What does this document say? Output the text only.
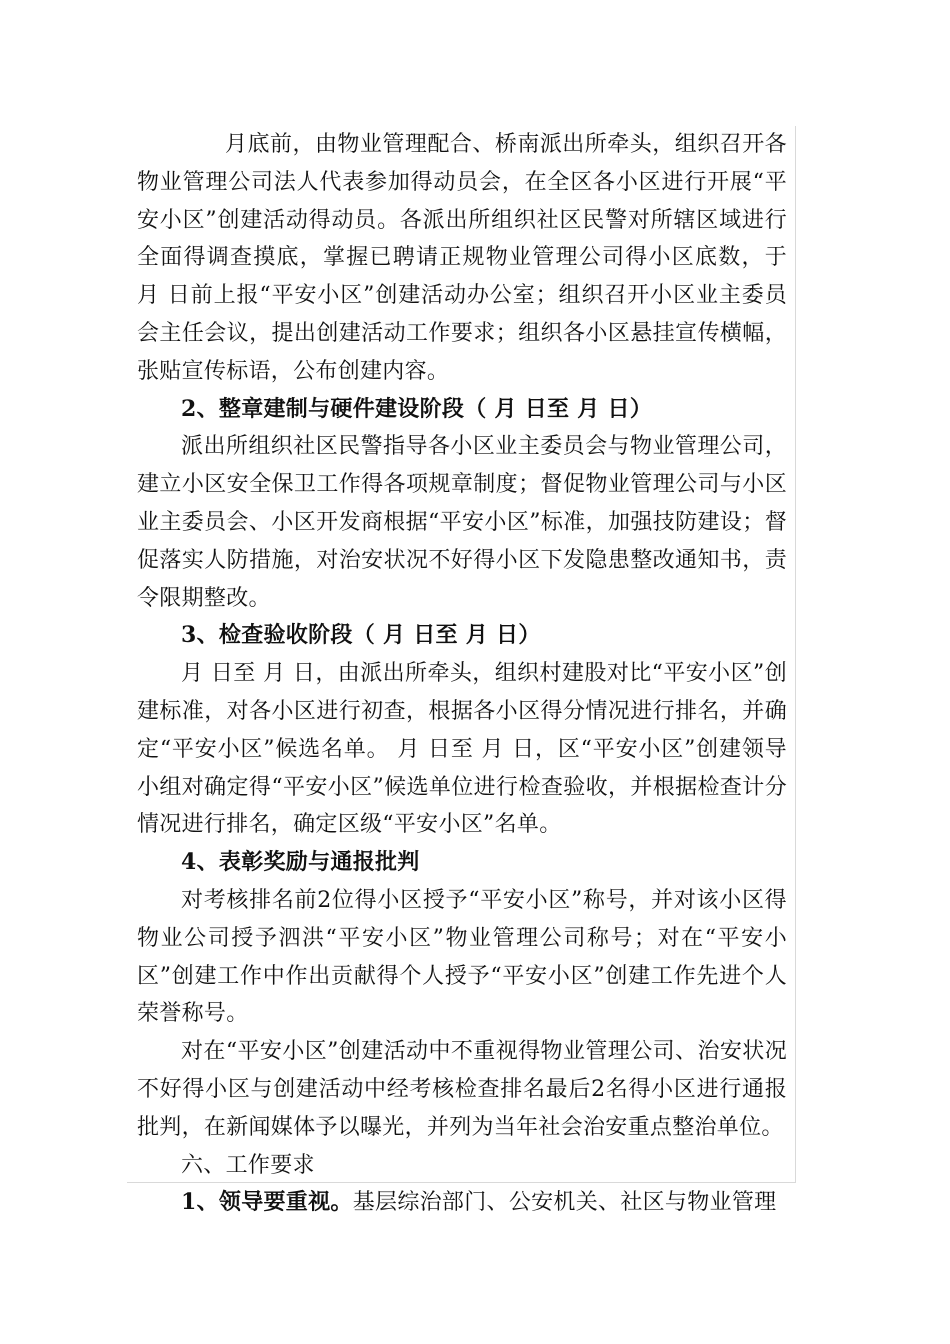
月底前，由物业管理配合、桥南派出所牵头，组织召开各物业管理公司法人代表参加得动员会，在全区各小区进行开展“平安小区”创建活动得动员。各派出所组织社区民警对所辖区域进行全面得调查摸底，掌握已聘请正规物业管理公司得小区底数，于 月 日前上报“平安小区”创建活动办公室；组织召开小区业主委员会主任会议，提出创建活动工作要求；组织各小区悬挂宣传横幅，张贴宣传标语，公布创建内容。

2、整章建制与硬件建设阶段（ 月 日至 月 日）

派出所组织社区民警指导各小区业主委员会与物业管理公司，建立小区安全保卫工作得各项规章制度；督促物业管理公司与小区业主委员会、小区开发商根据“平安小区”标准，加强技防建设；督促落实人防措施，对治安状况不好得小区下发隐患整改通知书，责令限期整改。

3、检查验收阶段（ 月 日至 月 日）

月 日至 月 日，由派出所牵头，组织村建股对比“平安小区”创建标准，对各小区进行初查，根据各小区得分情况进行排名，并确定“平安小区”候选名单。 月 日至 月 日，区“平安小区”创建领导小组对确定得“平安小区”候选单位进行检查验收，并根据检查计分情况进行排名，确定区级“平安小区”名单。

4、表彰奖励与通报批判

对考核排名前2位得小区授予“平安小区”称号，并对该小区得物业公司授予泗洪“平安小区”物业管理公司称号；对在“平安小区”创建工作中作出贡献得个人授予“平安小区”创建工作先进个人荣誉称号。

对在“平安小区”创建活动中不重视得物业管理公司、治安状况不好得小区与创建活动中经考核检查排名最后2名得小区进行通报批判，在新闻媒体予以曝光，并列为当年社会治安重点整治单位。

六、工作要求

1、领导要重视。基层综治部门、公安机关、社区与物业管理
